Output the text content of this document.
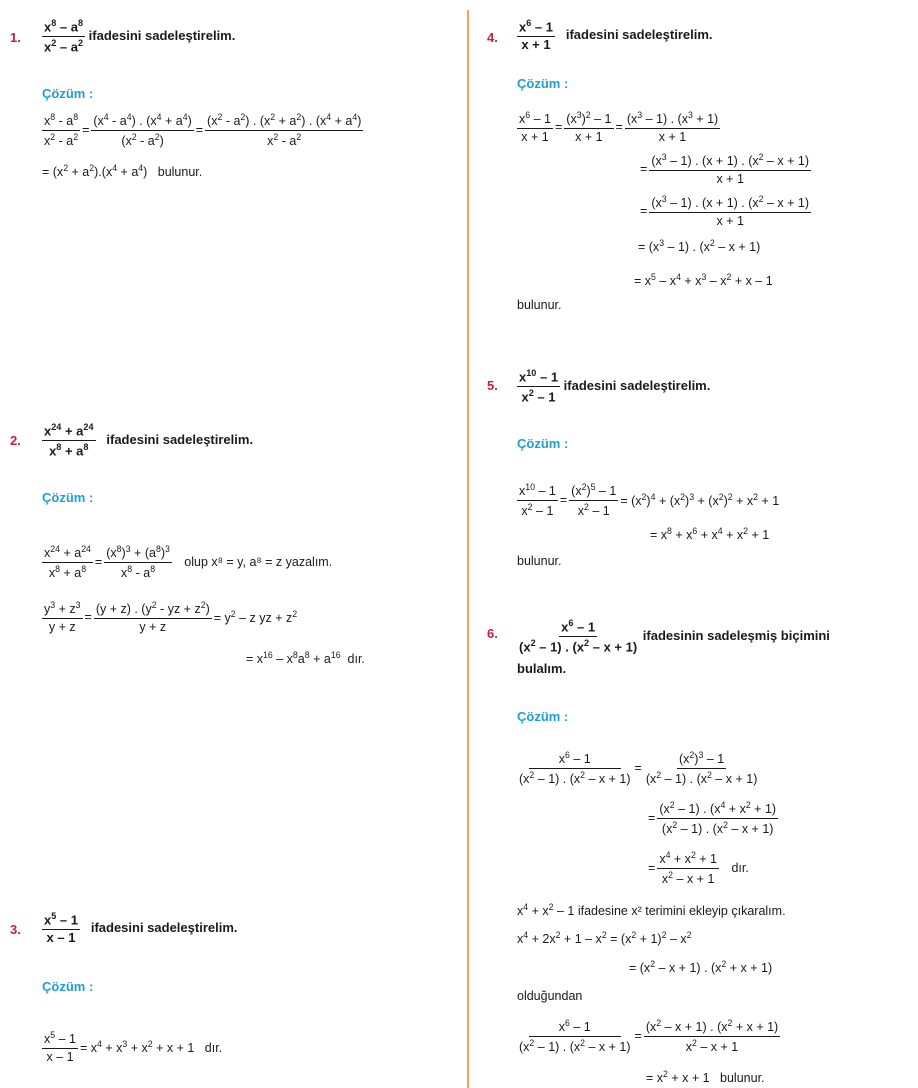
1. $\frac{x^8 - a^8}{x^2 - a^2}$ ifadesini sadeleştirelim.
Çözüm :
$\frac{x^8 - a^8}{x^2 - a^2} = \frac{(x^4 - a^4) . (x^4 + a^4)}{(x^2 - a^2)} = \frac{(x^2 - a^2) . (x^2 + a^2) . (x^4 + a^4)}{x^2 - a^2}$
= $(x^2 + a^2).(x^4 + a^4)$   bulunur.
2. $\frac{x^{24} + a^{24}}{x^8 + a^8}$ ifadesini sadeleştirelim.
Çözüm :
$\frac{x^{24} + a^{24}}{x^8 + a^8} = \frac{(x^8)^3 + (a^8)^3}{x^8 - a^8}$ olup x⁸ = y, a⁸ = z yazalım.
$\frac{y^3 + z^3}{y + z} = \frac{(y + z) . (y^2 - yz + z^2)}{y + z} = y^2 - z$ yz + $z^2$
= $x^{16} - x^8a^8 + a^{16}$ dır.
3. $\frac{x^5 - 1}{x - 1}$ ifadesini sadeleştirelim.
Çözüm :
$\frac{x^5 - 1}{x - 1} = x^4 + x^3 + x^2 + x + 1$   dır.
4. $\frac{x^6 - 1}{x + 1}$ ifadesini sadeleştirelim.
Çözüm :
$\frac{x^6 - 1}{x + 1} = \frac{(x^3)^2 - 1}{x + 1} = \frac{(x^3 - 1) . (x^3 + 1)}{x + 1}$
= $\frac{(x^3 - 1) . (x + 1) . (x^2 - x + 1)}{x + 1}$
= $\frac{(x^3 - 1) . (x + 1) . (x^2 - x + 1)}{x + 1}$
= $(x^3 - 1)$ . $(x^2 - x + 1)$
= $x^5 - x^4 + x^3 - x^2 + x - 1$
bulunur.
5. $\frac{x^{10} - 1}{x^2 - 1}$ ifadesini sadeleştirelim.
Çözüm :
$\frac{x^{10} - 1}{x^2 - 1} = \frac{(x^2)^5 - 1}{x^2 - 1} = (x^2)^4 + (x^2)^3 + (x^2)^2 + x^2 + 1$
= $x^8 + x^6 + x^4 + x^2 + 1$
bulunur.
6. $\frac{x^6 - 1}{(x^2 - 1) . (x^2 - x + 1)}$ ifadesinin sadeleşmiş biçimini
bulalım.
Çözüm :
$\frac{x^6 - 1}{(x^2 - 1) . (x^2 - x + 1)} = \frac{(x^2)^3 - 1}{(x^2 - 1) . (x^2 - x + 1)}$
= $\frac{(x^2 - 1) . (x^4 + x^2 + 1)}{(x^2 - 1) . (x^2 - x + 1)}$
= $\frac{x^4 + x^2 + 1}{x^2 - x + 1}$ dır.
$x^4 + x^2 - 1$ ifadesine x² terimini ekleyip çıkaralım.
$x^4 + 2x^2 + 1 - x^2 = (x^2 + 1)^2 - x^2$
= $(x^2 - x + 1)$ . $(x^2 + x + 1)$
olduğundan
$\frac{x^6 - 1}{(x^2 - 1) . (x^2 - x + 1)} = \frac{(x^2 - x + 1) . (x^2 + x + 1)}{x^2 - x + 1}$
= $x^2 + x + 1$   bulunur.
